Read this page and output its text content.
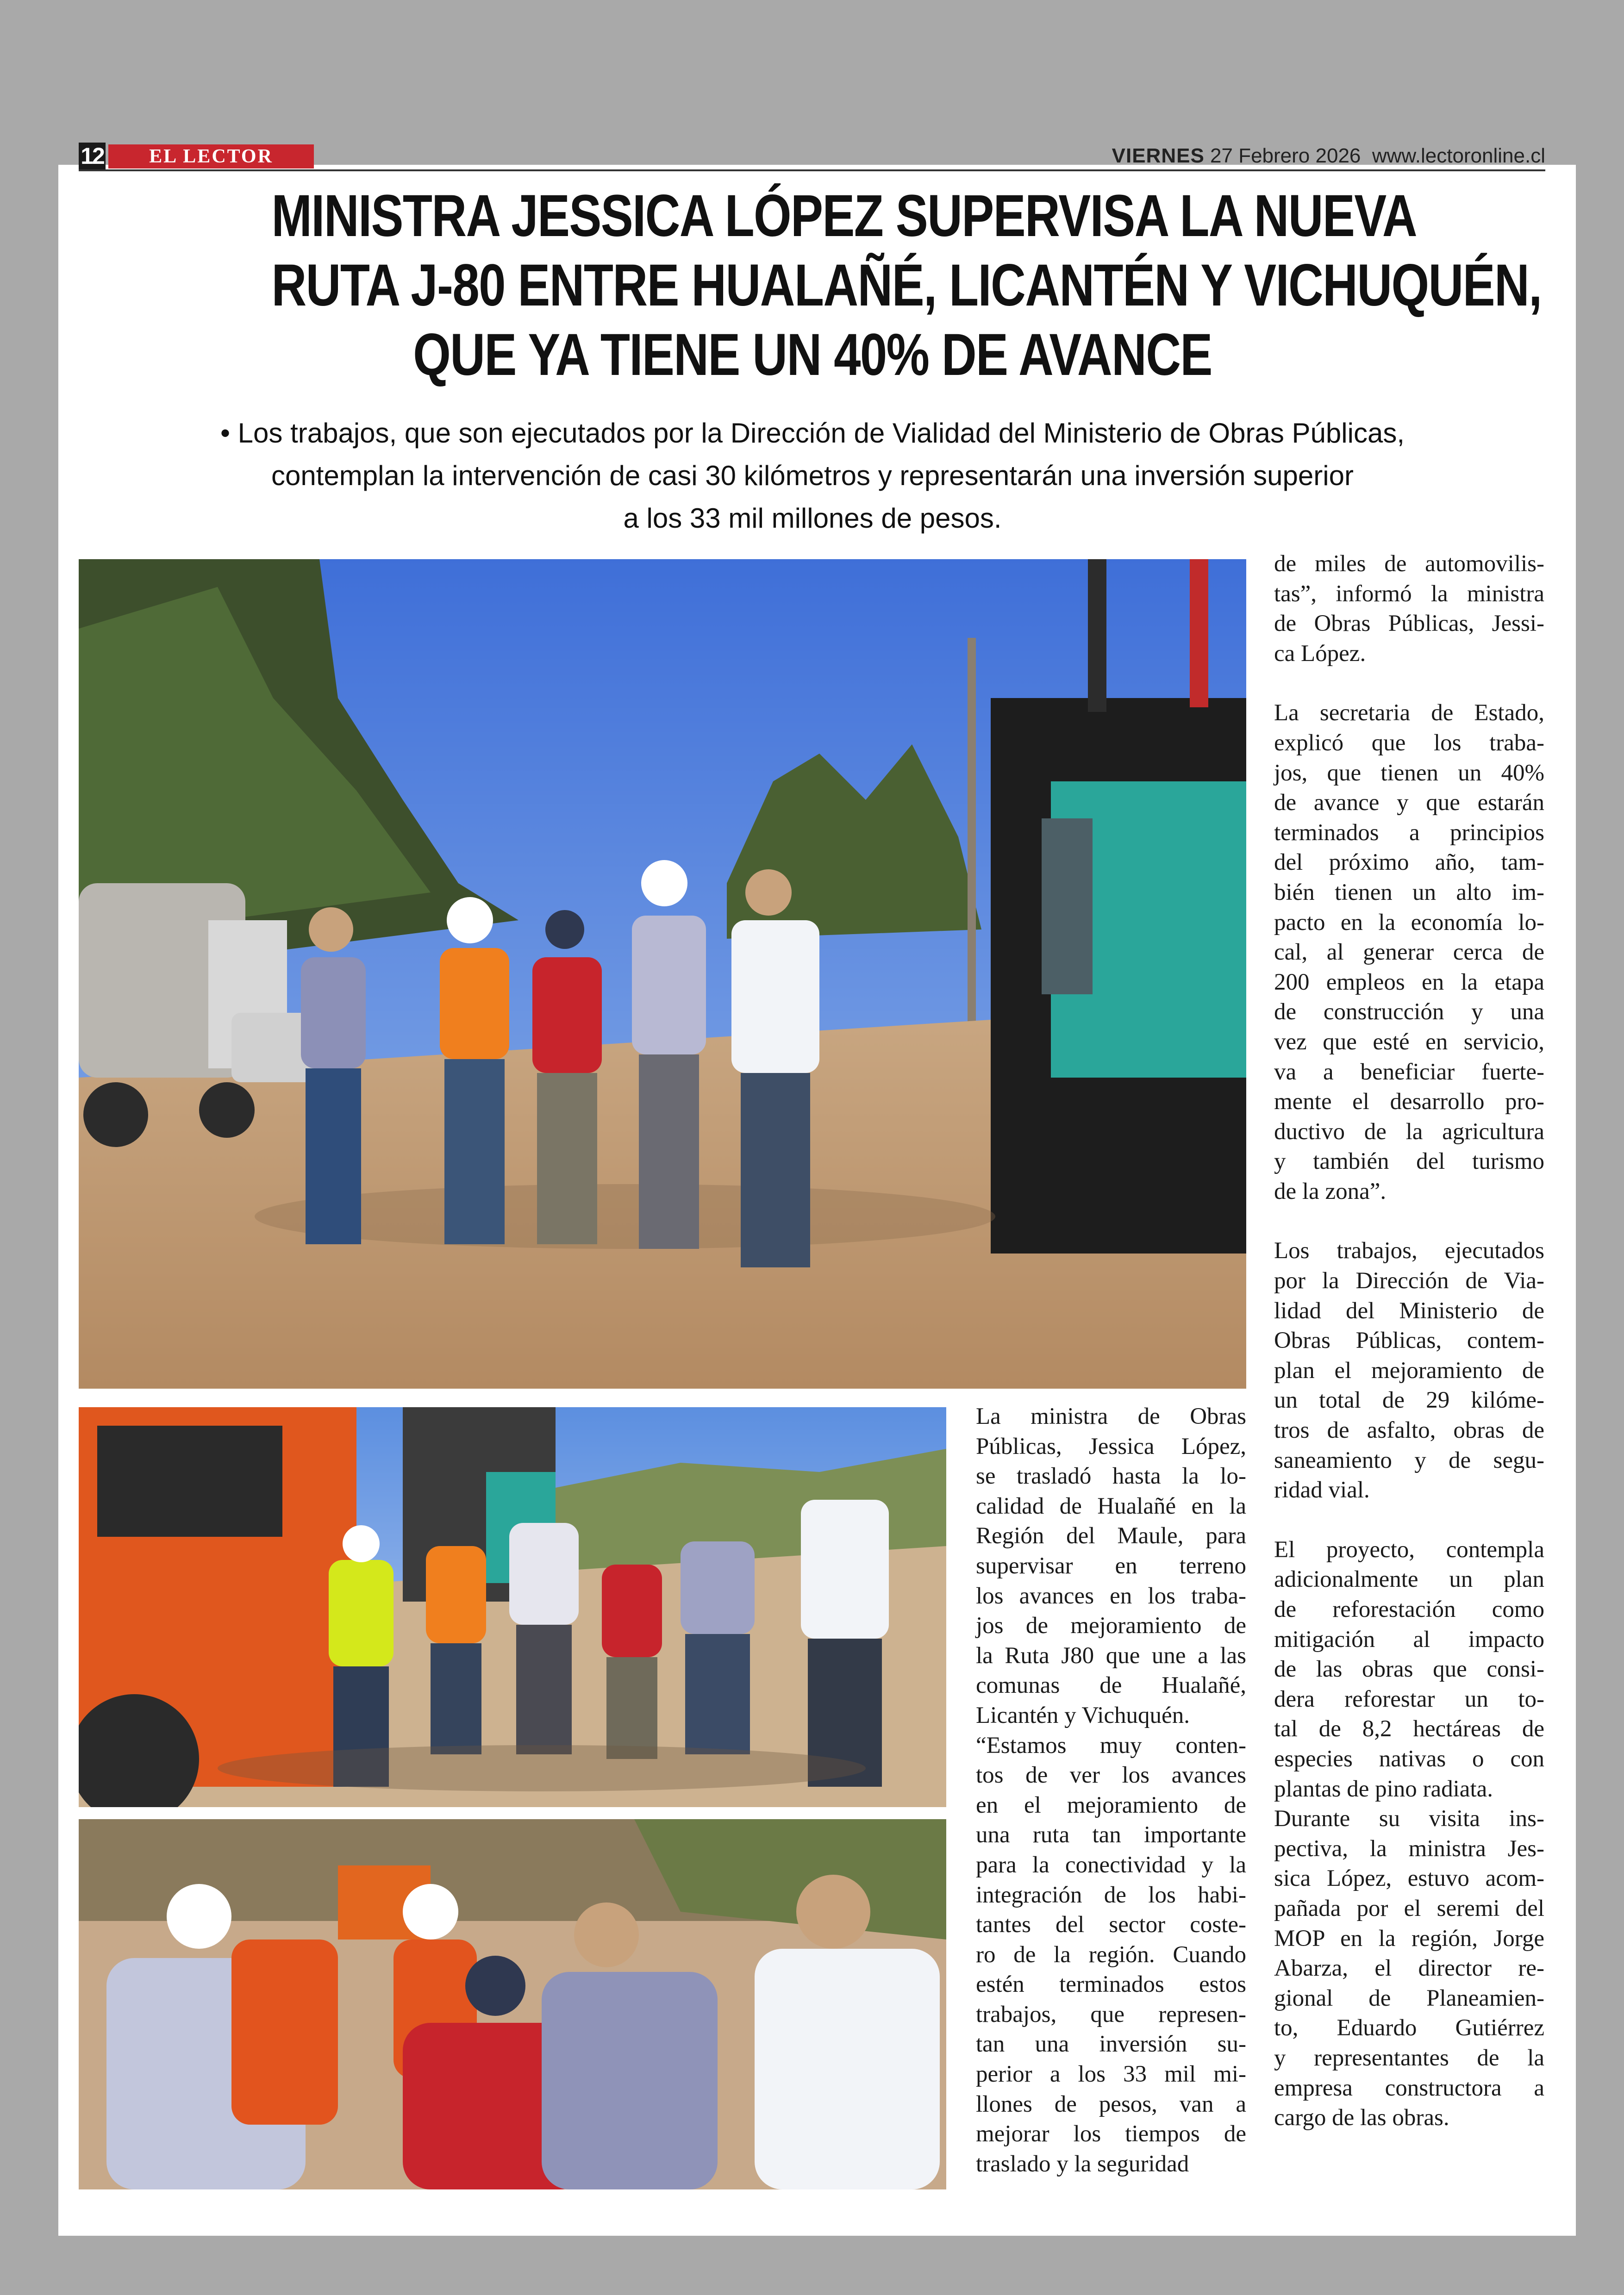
12	EL LECTOR	VIERNES 27 Febrero 2026 www.lectoronline.cl
MINISTRA JESSICA LÓPEZ SUPERVISA LA NUEVA
RUTA J-80 ENTRE HUALAÑÉ, LICANTÉN Y VICHUQUÉN,
QUE YA TIENE UN 40% DE AVANCE
• Los trabajos, que son ejecutados por la Dirección de Vialidad del Ministerio de Obras Públicas,
contemplan la intervención de casi 30 kilómetros y representarán una inversión superior
a los 33 mil millones de pesos.
La ministra de Obras
Públicas, Jessica López,
se trasladó hasta la lo-
calidad de Hualañé en la
Región del Maule, para
supervisar en terreno
los avances en los traba-
jos de mejoramiento de
la Ruta J80 que une a las
comunas de Hualañé,
Licantén y Vichuquén.
“Estamos muy conten-
tos de ver los avances
en el mejoramiento de
una ruta tan importante
para la conectividad y la
integración de los habi-
tantes del sector coste-
ro de la región. Cuando
estén terminados estos
trabajos, que represen-
tan una inversión su-
perior a los 33 mil mi-
llones de pesos, van a
mejorar los tiempos de
traslado y la seguridad
de miles de automovilis-
tas”, informó la ministra
de Obras Públicas, Jessi-
ca López.
La secretaria de Estado,
explicó que los traba-
jos, que tienen un 40%
de avance y que estarán
terminados a principios
del próximo año, tam-
bién tienen un alto im-
pacto en la economía lo-
cal, al generar cerca de
200 empleos en la etapa
de construcción y una
vez que esté en servicio,
va a beneficiar fuerte-
mente el desarrollo pro-
ductivo de la agricultura
y también del turismo
de la zona”.
Los trabajos, ejecutados
por la Dirección de Via-
lidad del Ministerio de
Obras Públicas, contem-
plan el mejoramiento de
un total de 29 kilóme-
tros de asfalto, obras de
saneamiento y de segu-
ridad vial.
El proyecto, contempla
adicionalmente un plan
de reforestación como
mitigación al impacto
de las obras que consi-
dera reforestar un to-
tal de 8,2 hectáreas de
especies nativas o con
plantas de pino radiata.
Durante su visita ins-
pectiva, la ministra Jes-
sica López, estuvo acom-
pañada por el seremi del
MOP en la región, Jorge
Abarza, el director re-
gional de Planeamien-
to, Eduardo Gutiérrez
y representantes de la
empresa constructora a
cargo de las obras.
